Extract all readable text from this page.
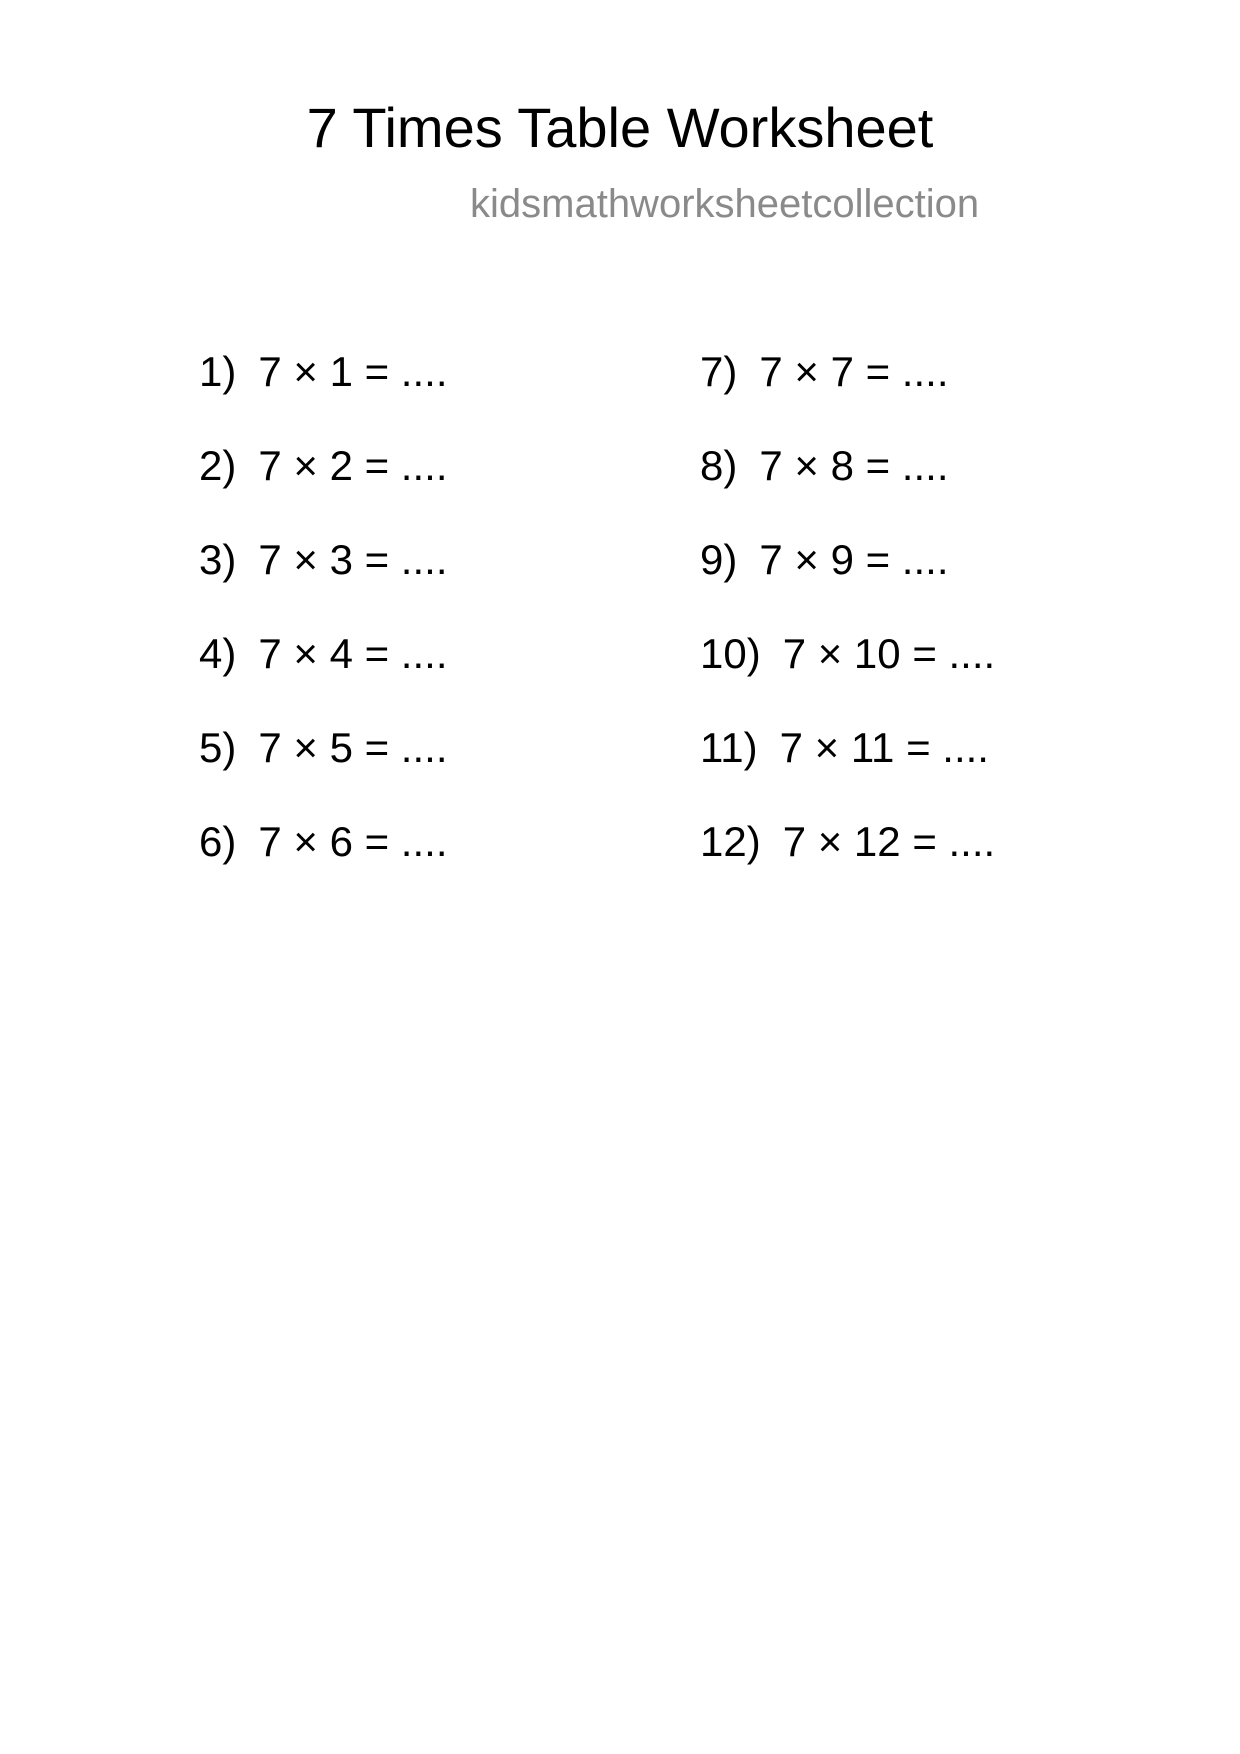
7 Times Table Worksheet

kidsmathworksheetcollection

1) 7 × 1 = ....
2) 7 × 2 = ....
3) 7 × 3 = ....
4) 7 × 4 = ....
5) 7 × 5 = ....
6) 7 × 6 = ....
7) 7 × 7 = ....
8) 7 × 8 = ....
9) 7 × 9 = ....
10) 7 × 10 = ....
11) 7 × 11 = ....
12) 7 × 12 = ....
